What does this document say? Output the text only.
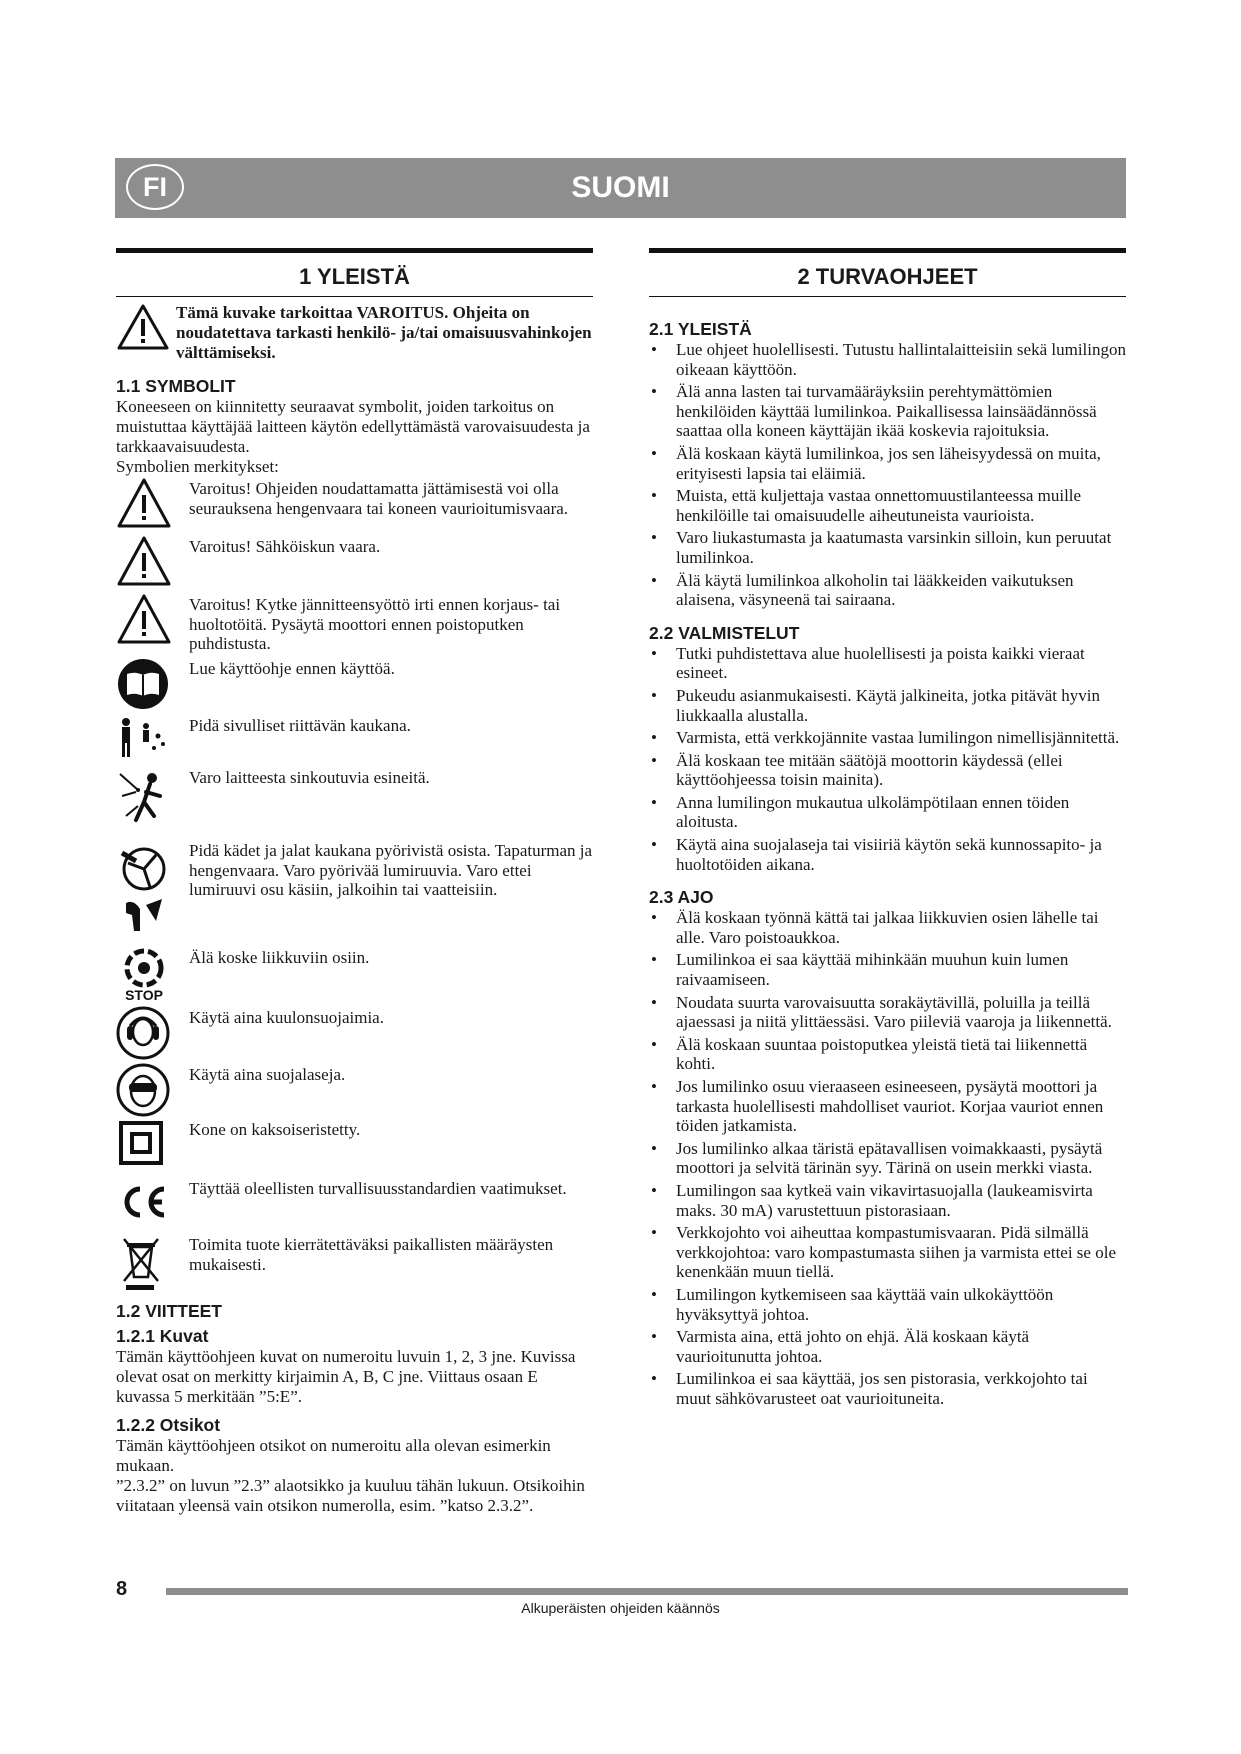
SUOMI
FI
1 YLEISTÄ
Tämä kuvake tarkoittaa VAROITUS. Ohjeita on noudatettava tarkasti henkilö- ja/tai omaisuusvahinkojen välttämiseksi.
1.1 SYMBOLIT

Koneeseen on kiinnitetty seuraavat symbolit, joiden tarkoitus on muistuttaa käyttäjää laitteen käytön edellyttämästä varovaisuudesta ja tarkkaavaisuudesta.

Symbolien merkitykset:

Varoitus! Ohjeiden noudattamatta jättämisestä voi olla seurauksena hengenvaara tai koneen vaurioitumisvaara.
Varoitus! Sähköiskun vaara.
Varoitus! Kytke jännitteensyöttö irti ennen korjaus- tai huoltotöitä. Pysäytä moottori ennen poistoputken puhdistusta.
Lue käyttöohje ennen käyttöä.
Pidä sivulliset riittävän kaukana.
Varo laitteesta sinkoutuvia esineitä.
Pidä kädet ja jalat kaukana pyörivistä osista. Tapaturman ja hengenvaara. Varo pyörivää lumiruuvia. Varo ettei lumiruuvi osu käsiin, jalkoihin tai vaatteisiin.
STOP
Älä koske liikkuviin osiin.
Käytä aina kuulonsuojaimia.
Käytä aina suojalaseja.
Kone on kaksoiseristetty.
Täyttää oleellisten turvallisuusstandardien vaatimukset.
Toimita tuote kierrätettäväksi paikallisten määräysten mukaisesti.
1.2 VIITTEET
1.2.1 Kuvat

Tämän käyttöohjeen kuvat on numeroitu luvuin 1, 2, 3 jne. Kuvissa olevat osat on merkitty kirjaimin A, B, C jne. Viittaus osaan E kuvassa 5 merkitään ”5:E”.

1.2.2 Otsikot

Tämän käyttöohjeen otsikot on numeroitu alla olevan esimerkin mukaan.

”2.3.2” on luvun ”2.3” alaotsikko ja kuuluu tähän lukuun. Otsikoihin viitataan yleensä vain otsikon numerolla, esim. ”katso 2.3.2”.

2 TURVAOHJEET
2.1 YLEISTÄ
• Lue ohjeet huolellisesti. Tutustu hallintalaitteisiin sekä lumilingon oikeaan käyttöön.
• Älä anna lasten tai turvamääräyksiin perehtymättömien henkilöiden käyttää lumilinkoa. Paikallisessa lainsäädännössä saattaa olla koneen käyttäjän ikää koskevia rajoituksia.
• Älä koskaan käytä lumilinkoa, jos sen läheisyydessä on muita, erityisesti lapsia tai eläimiä.
• Muista, että kuljettaja vastaa onnettomuustilanteessa muille henkilöille tai omaisuudelle aiheutuneista vaurioista.
• Varo liukastumasta ja kaatumasta varsinkin silloin, kun peruutat lumilinkoa.
• Älä käytä lumilinkoa alkoholin tai lääkkeiden vaikutuksen alaisena, väsyneenä tai sairaana.
2.2 VALMISTELUT
• Tutki puhdistettava alue huolellisesti ja poista kaikki vieraat esineet.
• Pukeudu asianmukaisesti. Käytä jalkineita, jotka pitävät hyvin liukkaalla alustalla.
• Varmista, että verkkojännite vastaa lumilingon nimellisjännitettä.
• Älä koskaan tee mitään säätöjä moottorin käydessä (ellei käyttöohjeessa toisin mainita).
• Anna lumilingon mukautua ulkolämpötilaan ennen töiden aloitusta.
• Käytä aina suojalaseja tai visiiriä käytön sekä kunnossapito- ja huoltotöiden aikana.
2.3 AJO
• Älä koskaan työnnä kättä tai jalkaa liikkuvien osien lähelle tai alle. Varo poistoaukkoa.
• Lumilinkoa ei saa käyttää mihinkään muuhun kuin lumen raivaamiseen.
• Noudata suurta varovaisuutta sorakäytävillä, poluilla ja teillä ajaessasi ja niitä ylittäessäsi. Varo piileviä vaaroja ja liikennettä.
• Älä koskaan suuntaa poistoputkea yleistä tietä tai liikennettä kohti.
• Jos lumilinko osuu vieraaseen esineeseen, pysäytä moottori ja tarkasta huolellisesti mahdolliset vauriot. Korjaa vauriot ennen töiden jatkamista.
• Jos lumilinko alkaa täristä epätavallisen voimakkaasti, pysäytä moottori ja selvitä tärinän syy. Tärinä on usein merkki viasta.
• Lumilingon saa kytkeä vain vikavirtasuojalla (laukeamisvirta maks. 30 mA) varustettuun pistorasiaan.
• Verkkojohto voi aiheuttaa kompastumisvaaran. Pidä silmällä verkkojohtoa: varo kompastumasta siihen ja varmista ettei se ole kenenkään muun tiellä.
• Lumilingon kytkemiseen saa käyttää vain ulkokäyttöön hyväksyttyä johtoa.
• Varmista aina, että johto on ehjä. Älä koskaan käytä vaurioitunutta johtoa.
• Lumilinkoa ei saa käyttää, jos sen pistorasia, verkkojohto tai muut sähkövarusteet oat vaurioituneita.
8
Alkuperäisten ohjeiden käännös
